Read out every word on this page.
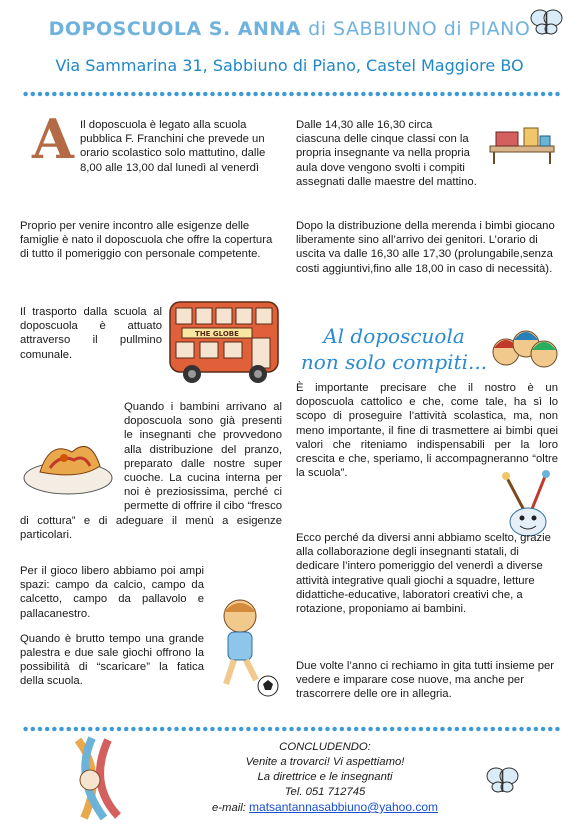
DOPOSCUOLA S. ANNA di SABBIUNO di PIANO
Via Sammarina 31, Sabbiuno di Piano, Castel Maggiore BO
A Il doposcuola è legato alla scuola pubblica F. Franchini che prevede un orario scolastico solo mattutino, dalle 8,00 alle 13,00 dal lunedì al venerdì

Proprio per venire incontro alle esigenze delle famiglie è nato il doposcuola che offre la copertura di tutto il pomeriggio con personale competente.

Il trasporto dalla scuola al doposcuola è attuato attraverso il pullmino comunale.

THE GLOBE

Quando i bambini arrivano al doposcuola sono già presenti le insegnanti che provvedono alla distribuzione del pranzo, preparato dalle nostre super cuoche. La cucina interna per noi è preziosissima, perché ci permette di offrire il cibo “fresco di cottura” e di adeguare il menù a esigenze particolari.

Per il gioco libero abbiamo poi ampi spazi: campo da calcio, campo da calcetto, campo da pallavolo e pallacanestro.

Quando è brutto tempo una grande palestra e due sale giochi offrono la possibilità di “scaricare” la fatica della scuola.

Dalle 14,30 alle 16,30 circa ciascuna delle cinque classi con la propria insegnante va nella propria aula dove vengono svolti i compiti assegnati dalle maestre del mattino.

Dopo la distribuzione della merenda i bimbi giocano liberamente sino all’arrivo dei genitori. L’orario di uscita va dalle 16,30 alle 17,30 (prolungabile,senza costi aggiuntivi,fino alle 18,00 in caso di necessità).

Al doposcuola
non solo compiti...

È importante precisare che il nostro è un doposcuola cattolico e che, come tale, ha sì lo scopo di proseguire l’attività scolastica, ma, non meno importante, il fine di trasmettere ai bimbi quei valori che riteniamo indispensabili per la loro crescita e che, speriamo, li accompagneranno “oltre la scuola”.

Ecco perché da diversi anni abbiamo scelto, grazie alla collaborazione degli insegnanti statali, di dedicare l’intero pomeriggio del venerdì a diverse attività integrative quali giochi a squadre, letture didattiche-educative, laboratori creativi che, a rotazione, proponiamo ai bambini.

Due volte l’anno ci rechiamo in gita tutti insieme per vedere e imparare cose nuove, ma anche per trascorrere delle ore in allegria.

CONCLUDENDO:
Venite a trovarci! Vi aspettiamo!
La direttrice e le insegnanti
Tel. 051 712745
e-mail: matsantannasabbiuno@yahoo.com
